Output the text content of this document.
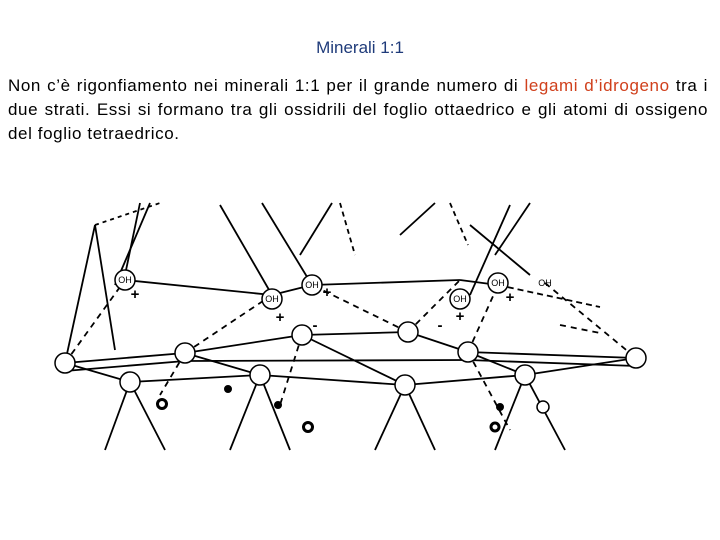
Minerali 1:1

Non c’è rigonfiamento nei minerali 1:1 per il grande numero di legami d’idrogeno tra i due strati. Essi si formano tra gli ossidrili del foglio ottaedrico e gli atomi di ossigeno del foglio tetraedrico.

OH	OH
OH	OH
OH	OH
+
+	+
+
+
-	-
